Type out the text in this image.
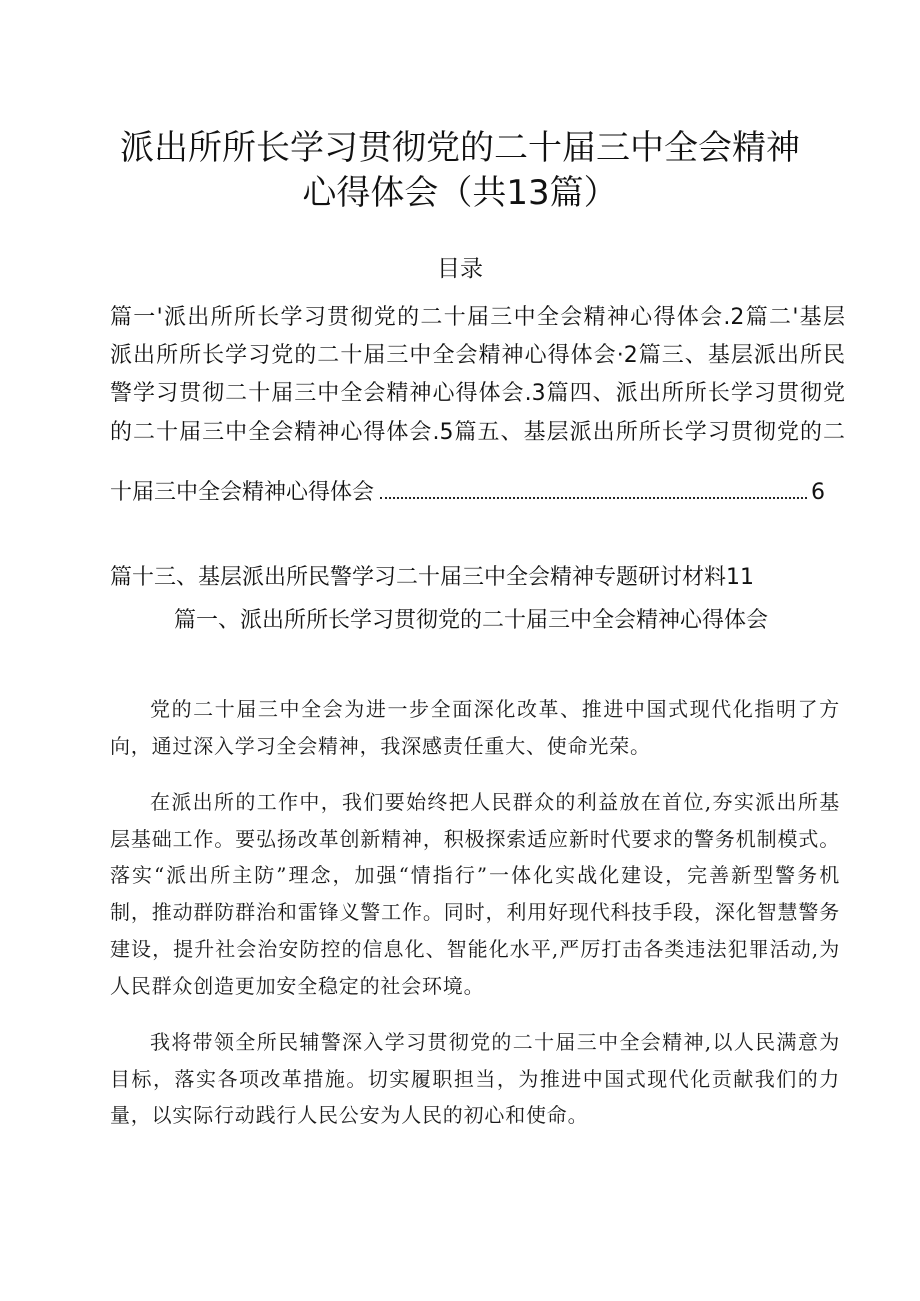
派出所所长学习贯彻党的二十届三中全会精神
心得体会（共13篇）
目录
篇一'派出所所长学习贯彻党的二十届三中全会精神心得体会.2篇二'基层
派出所所长学习党的二十届三中全会精神心得体会·2篇三、基层派出所民
警学习贯彻二十届三中全会精神心得体会.3篇四、派出所所长学习贯彻党
的二十届三中全会精神心得体会.5篇五、基层派出所所长学习贯彻党的二
十届三中全会精神心得体会	6
篇十三、基层派出所民警学习二十届三中全会精神专题研讨材料11
篇一、派出所所长学习贯彻党的二十届三中全会精神心得体会
党的二十届三中全会为进一步全面深化改革、推进中国式现代化指明了方向，通过深入学习全会精神，我深感责任重大、使命光荣。
在派出所的工作中，我们要始终把人民群众的利益放在首位,夯实派出所基层基础工作。要弘扬改革创新精神，积极探索适应新时代要求的警务机制模式。落实“派出所主防”理念，加强“情指行”一体化实战化建设，完善新型警务机制，推动群防群治和雷锋义警工作。同时，利用好现代科技手段，深化智慧警务建设，提升社会治安防控的信息化、智能化水平,严厉打击各类违法犯罪活动,为人民群众创造更加安全稳定的社会环境。
我将带领全所民辅警深入学习贯彻党的二十届三中全会精神,以人民满意为目标，落实各项改革措施。切实履职担当，为推进中国式现代化贡献我们的力量，以实际行动践行人民公安为人民的初心和使命。
